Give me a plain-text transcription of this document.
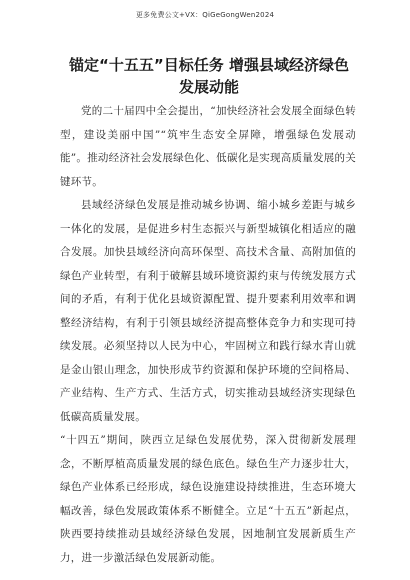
更多免费公文+VX：QiGeGongWen2024
锚定“十五五”目标任务 增强县域经济绿色发展动能

党的二十届四中全会提出，“加快经济社会发展全面绿色转型，建设美丽中国”“筑牢生态安全屏障，增强绿色发展动能”。推动经济社会发展绿色化、低碳化是实现高质量发展的关键环节。

县域经济绿色发展是推动城乡协调、缩小城乡差距与城乡一体化的发展，是促进乡村生态振兴与新型城镇化相适应的融合发展。加快县域经济向高环保型、高技术含量、高附加值的绿色产业转型，有利于破解县域环境资源约束与传统发展方式间的矛盾，有利于优化县域资源配置、提升要素利用效率和调整经济结构，有利于引领县域经济提高整体竞争力和实现可持续发展。必须坚持以人民为中心，牢固树立和践行绿水青山就是金山银山理念，加快形成节约资源和保护环境的空间格局、产业结构、生产方式、生活方式，切实推动县域经济实现绿色低碳高质量发展。

“十四五”期间，陕西立足绿色发展优势，深入贯彻新发展理念，不断厚植高质量发展的绿色底色。绿色生产力逐步壮大，绿色产业体系已经形成，绿色设施建设持续推进，生态环境大幅改善，绿色发展政策体系不断健全。立足“十五五”新起点，陕西要持续推动县域经济绿色发展，因地制宜发展新质生产力，进一步激活绿色发展新动能。
